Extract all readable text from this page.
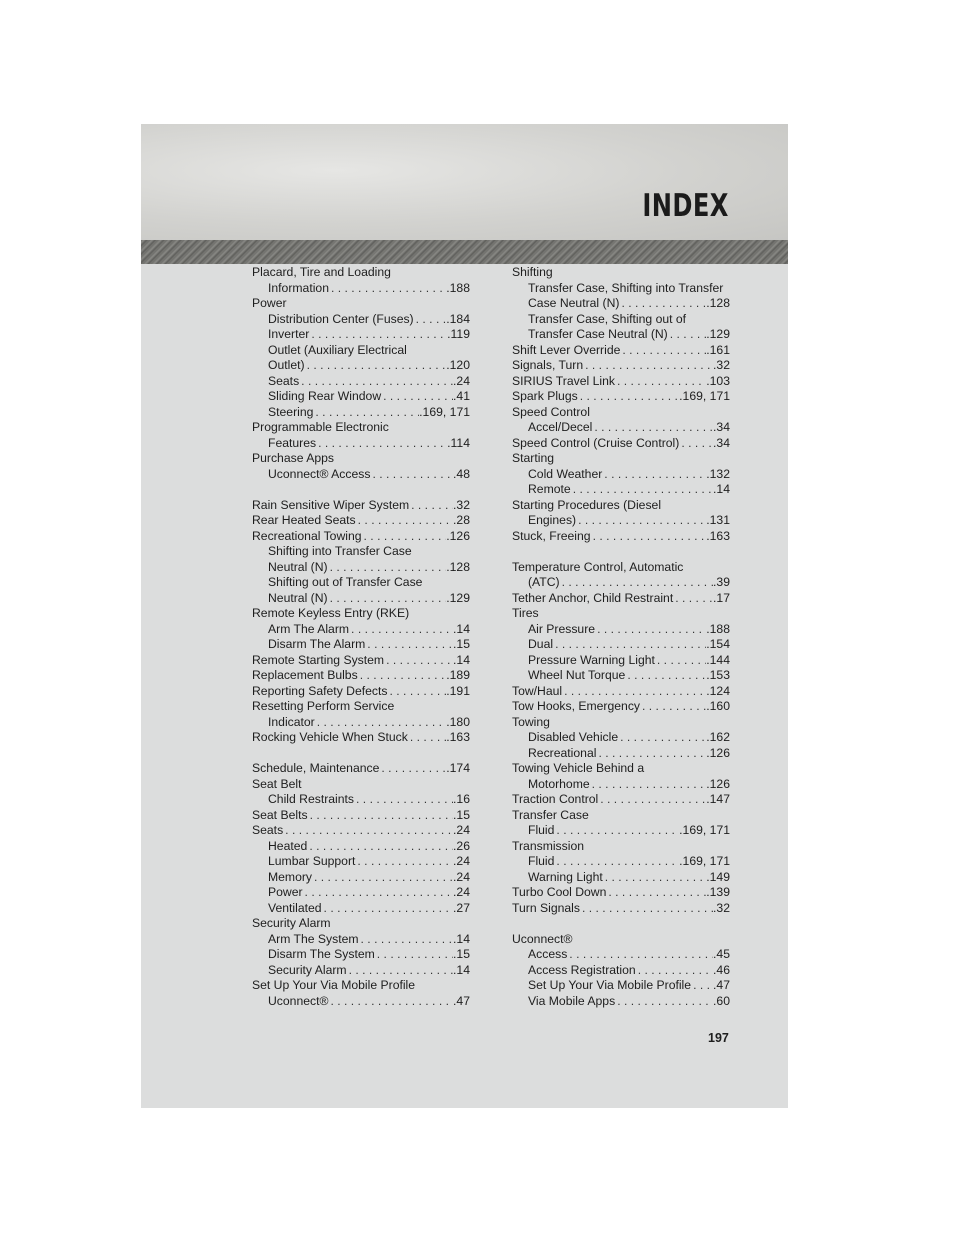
INDEX
Placard, Tire and Loading
Information . . .	.188
Power
Distribution Center (Fuses) . . .	.184
Inverter . . .	.119
Outlet (Auxiliary Electrical
Outlet) . . .	.120
Seats . . .	.24
Sliding Rear Window . . .	.41
Steering . . .	.169, 171
Programmable Electronic
Features . . .	.114
Purchase Apps
Uconnect® Access . . .	.48
Rain Sensitive Wiper System . . .	.32
Rear Heated Seats . . .	.28
Recreational Towing . . .	.126
Shifting into Transfer Case
Neutral (N) . . .	.128
Shifting out of Transfer Case
Neutral (N) . . .	.129
Remote Keyless Entry (RKE)
Arm The Alarm . . .	.14
Disarm The Alarm . . .	.15
Remote Starting System . . .	.14
Replacement Bulbs . . .	.189
Reporting Safety Defects . . .	.191
Resetting Perform Service
Indicator . . .	.180
Rocking Vehicle When Stuck . . .	.163
Schedule, Maintenance . . .	.174
Seat Belt
Child Restraints . . .	.16
Seat Belts . . .	.15
Seats . . .	.24
Heated . . .	.26
Lumbar Support . . .	.24
Memory . . .	.24
Power . . .	.24
Ventilated . . .	.27
Security Alarm
Arm The System . . .	.14
Disarm The System . . .	.15
Security Alarm . . .	.14
Set Up Your Via Mobile Profile
Uconnect® . . .	.47
Shifting
Transfer Case, Shifting into Transfer
Case Neutral (N) . . .	.128
Transfer Case, Shifting out of
Transfer Case Neutral (N) . . .	.129
Shift Lever Override . . .	.161
Signals, Turn . . .	.32
SIRIUS Travel Link . . .	.103
Spark Plugs . . .	.169, 171
Speed Control
Accel/Decel . . .	.34
Speed Control (Cruise Control) . . .	.34
Starting
Cold Weather . . .	.132
Remote . . .	.14
Starting Procedures (Diesel
Engines) . . .	.131
Stuck, Freeing . . .	.163
Temperature Control, Automatic
(ATC) . . .	.39
Tether Anchor, Child Restraint . . .	.17
Tires
Air Pressure . . .	.188
Dual . . .	.154
Pressure Warning Light . . .	.144
Wheel Nut Torque . . .	.153
Tow/Haul . . .	.124
Tow Hooks, Emergency . . .	.160
Towing
Disabled Vehicle . . .	.162
Recreational . . .	.126
Towing Vehicle Behind a
Motorhome . . .	.126
Traction Control . . .	.147
Transfer Case
Fluid . . .	.169, 171
Transmission
Fluid . . .	.169, 171
Warning Light . . .	.149
Turbo Cool Down . . .	.139
Turn Signals . . .	.32
Uconnect®
Access . . .	.45
Access Registration . . .	.46
Set Up Your Via Mobile Profile . . . .47
Via Mobile Apps . . .	.60
197
